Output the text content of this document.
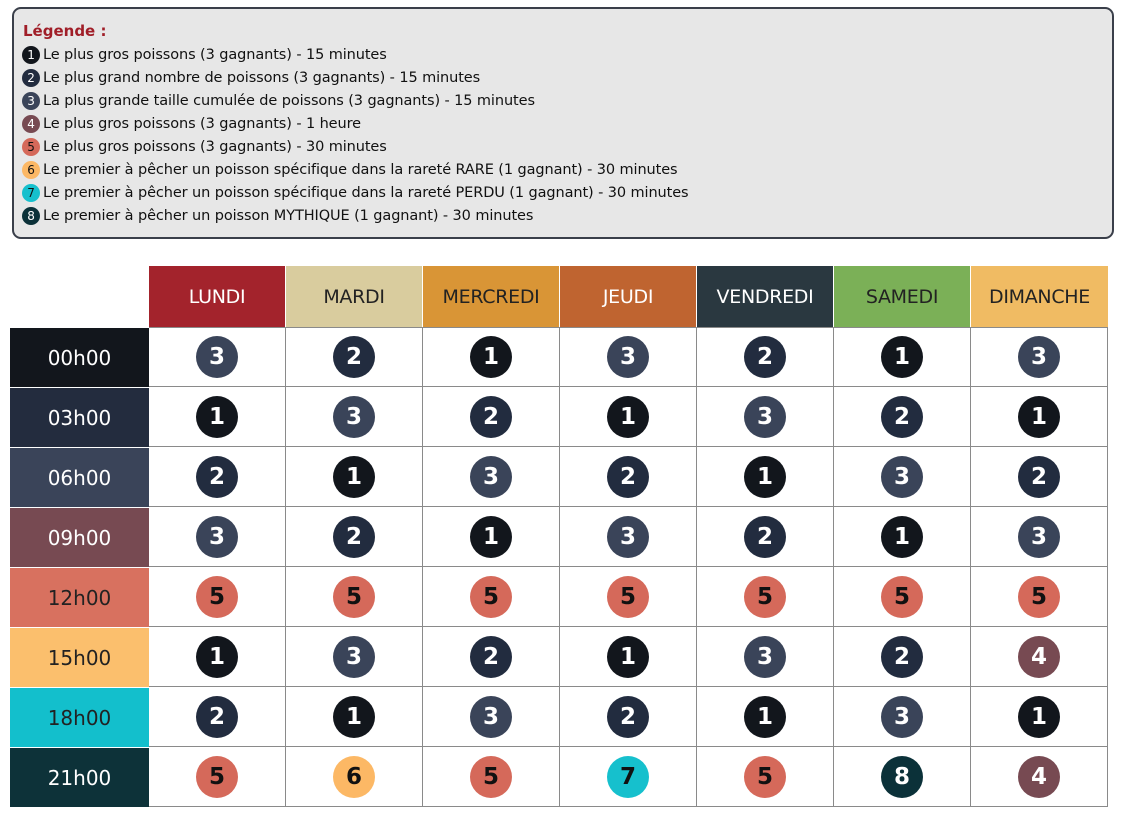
Légende :
1 Le plus gros poissons (3 gagnants) - 15 minutes
2 Le plus grand nombre de poissons (3 gagnants) - 15 minutes
3 La plus grande taille cumulée de poissons (3 gagnants) - 15 minutes
4 Le plus gros poissons (3 gagnants) - 1 heure
5 Le plus gros poissons (3 gagnants) - 30 minutes
6 Le premier à pêcher un poisson spécifique dans la rareté RARE (1 gagnant) - 30 minutes
7 Le premier à pêcher un poisson spécifique dans la rareté PERDU (1 gagnant) - 30 minutes
8 Le premier à pêcher un poisson MYTHIQUE (1 gagnant) - 30 minutes
LUNDI	MARDI	MERCREDI	JEUDI	VENDREDI	SAMEDI	DIMANCHE
00h00	3	2	1	3	2	1	3
03h00	1	3	2	1	3	2	1
06h00	2	1	3	2	1	3	2
09h00	3	2	1	3	2	1	3
12h00	5	5	5	5	5	5	5
15h00	1	3	2	1	3	2	4
18h00	2	1	3	2	1	3	1
21h00	5	6	5	7	5	8	4
